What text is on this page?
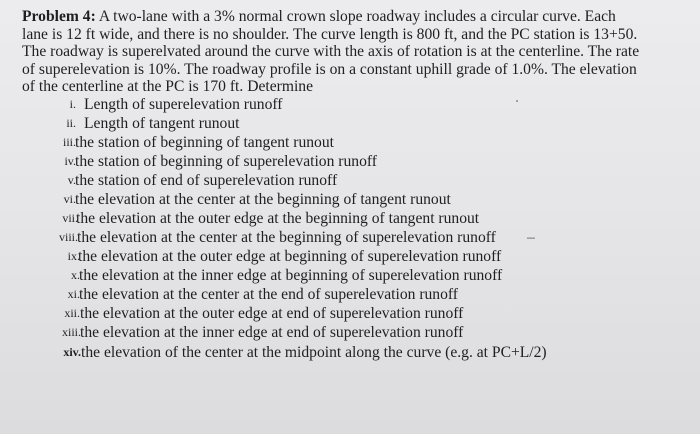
Problem 4: A two-lane with a 3% normal crown slope roadway includes a circular curve. Each
lane is 12 ft wide, and there is no shoulder. The curve length is 800 ft, and the PC station is 13+50.
The roadway is superelvated around the curve with the axis of rotation is at the centerline. The rate
of superelevation is 10%. The roadway profile is on a constant uphill grade of 1.0%. The elevation
of the centerline at the PC is 170 ft. Determine
i. Length of superelevation runoff
ii. Length of tangent runout
iii. the station of beginning of tangent runout
iv. the station of beginning of superelevation runoff
v. the station of end of superelevation runoff
vi. the elevation at the center at the beginning of tangent runout
vii.
the elevation at the outer edge at the beginning of tangent runout
viii. the elevation at the center at the beginning of superelevation runoff –
ix.
the elevation at the outer edge at beginning of superelevation runoff
x. the elevation at the inner edge at beginning of superelevation runoff
xi. the elevation at the center at the end of superelevation runoff
xii. the elevation at the outer edge at end of superelevation runoff
xiii. the elevation at the inner edge at end of superelevation runoff
xiv. the elevation of the center at the midpoint along the curve (e.g. at PC+L/2)
